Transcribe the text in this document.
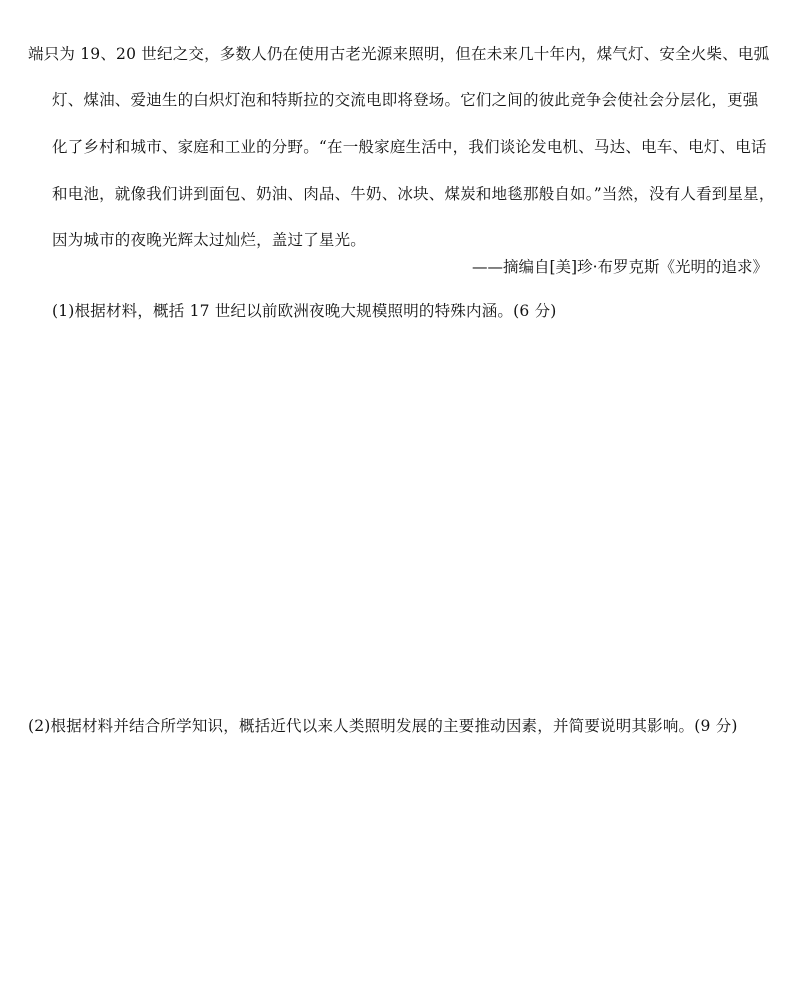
端只为 19、20 世纪之交，多数人仍在使用古老光源来照明，但在未来几十年内，煤气灯、安全火柴、电弧
灯、煤油、爱迪生的白炽灯泡和特斯拉的交流电即将登场。它们之间的彼此竞争会使社会分层化，更强
化了乡村和城市、家庭和工业的分野。“在一般家庭生活中，我们谈论发电机、马达、电车、电灯、电话
和电池，就像我们讲到面包、奶油、肉品、牛奶、冰块、煤炭和地毯那般自如。”当然，没有人看到星星，
因为城市的夜晚光辉太过灿烂，盖过了星光。
——摘编自[美]珍·布罗克斯《光明的追求》
(1)根据材料，概括 17 世纪以前欧洲夜晚大规模照明的特殊内涵。(6 分)
(2)根据材料并结合所学知识，概括近代以来人类照明发展的主要推动因素，并简要说明其影响。(9 分)
